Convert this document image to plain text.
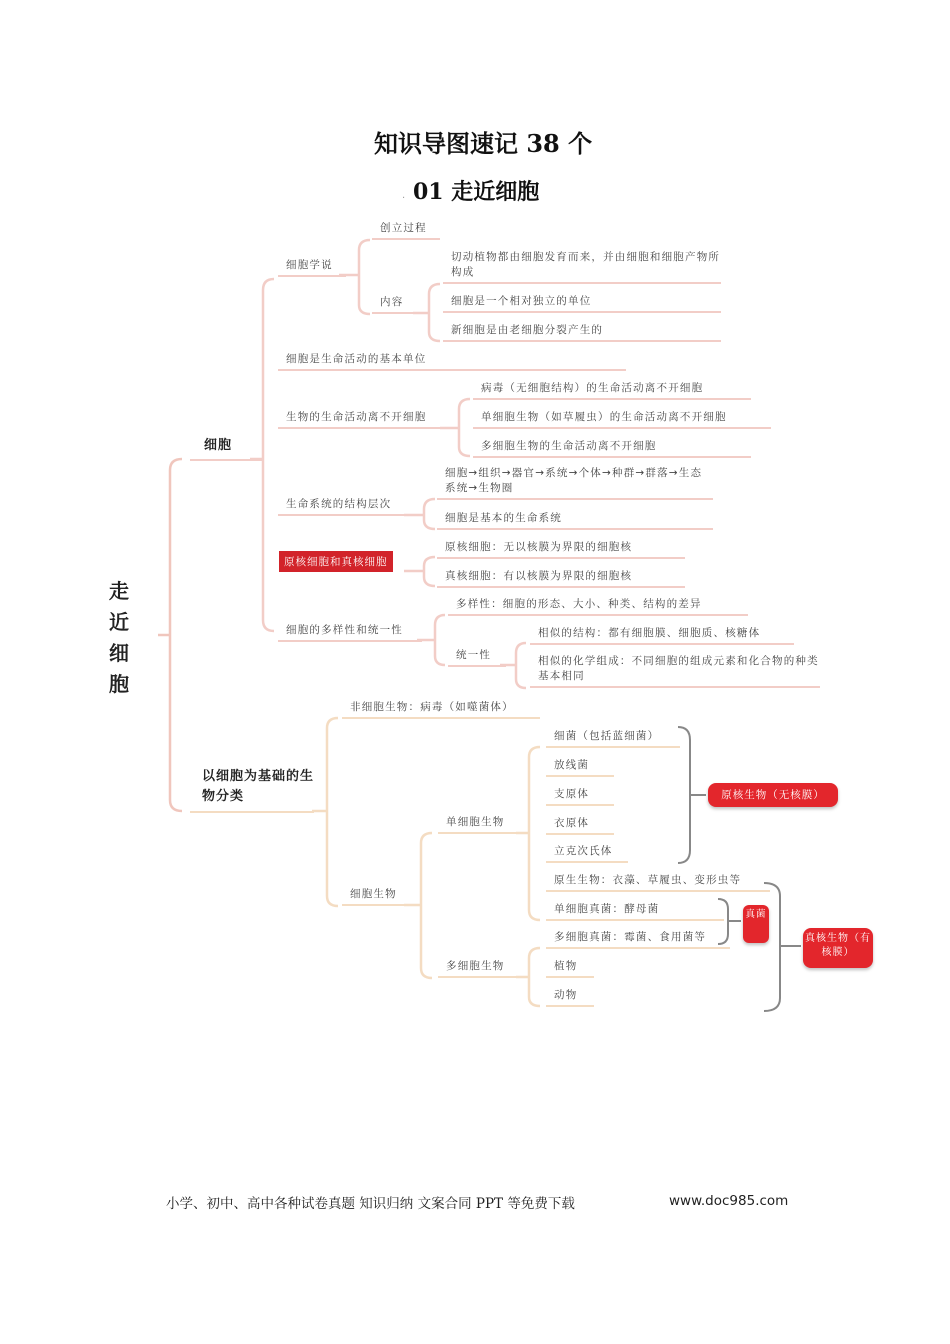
知识导图速记 38 个
. 01 走近细胞
走近细胞
细胞
细胞学说
创立过程
内容
切动植物都由细胞发育而来，并由细胞和细胞产物所构成
细胞是一个相对独立的单位
新细胞是由老细胞分裂产生的
细胞是生命活动的基本单位
生物的生命活动离不开细胞
病毒（无细胞结构）的生命活动离不开细胞
单细胞生物（如草履虫）的生命活动离不开细胞
多细胞生物的生命活动离不开细胞
生命系统的结构层次
细胞→组织→器官→系统→个体→种群→群落→生态系统→生物圈
细胞是基本的生命系统
原核细胞和真核细胞
原核细胞：无以核膜为界限的细胞核
真核细胞：有以核膜为界限的细胞核
细胞的多样性和统一性
多样性：细胞的形态、大小、种类、结构的差异
统一性
相似的结构：都有细胞膜、细胞质、核糖体
相似的化学组成：不同细胞的组成元素和化合物的种类基本相同
以细胞为基础的生物分类
非细胞生物：病毒（如噬菌体）
细胞生物
单细胞生物
细菌（包括蓝细菌）
放线菌
支原体
衣原体
立克次氏体
原生生物：衣藻、草履虫、变形虫等
单细胞真菌：酵母菌
多细胞生物
多细胞真菌：霉菌、食用菌等
植物
动物
原核生物（无核膜）
真菌
真核生物（有核膜）
小学、初中、高中各种试卷真题 知识归纳 文案合同 PPT 等免费下载	www.doc985.com
